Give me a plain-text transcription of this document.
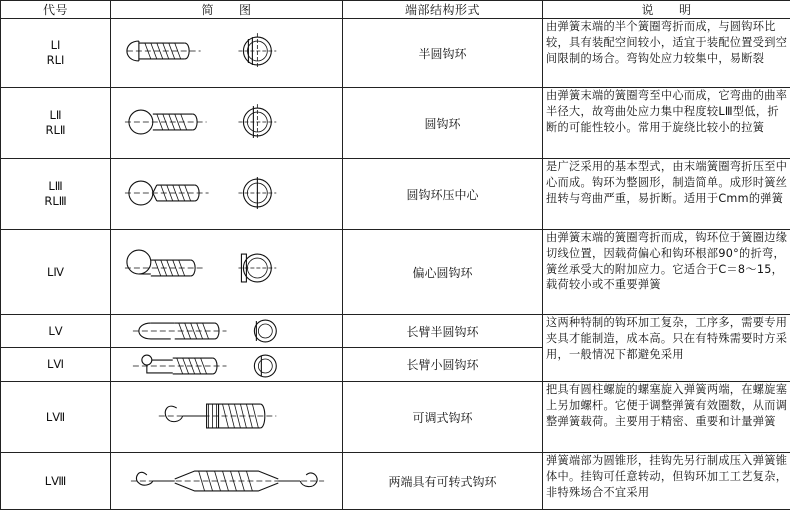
代号	简　　图	端部结构形式	说　　明
LⅠ
RLⅠ		半圆钩环	由弹簧末端的半个簧圈弯折而成，与圆钩环比较，具有装配空间较小，适宜于装配位置受到空间限制的场合。弯钩处应力较集中，易断裂
LⅡ
RLⅡ		圆钩环	由弹簧末端的簧圈弯至中心而成，它弯曲的曲率半径大，故弯曲处应力集中程度较LⅢ型低，折断的可能性较小。常用于旋绕比较小的拉簧
LⅢ
RLⅢ		圆钩环压中心	是广泛采用的基本型式，由末端簧圈弯折压至中心而成。钩环为整圆形，制造简单。成形时簧丝扭转与弯曲严重，易折断。适用于Cmm的弹簧
LⅣ		偏心圆钩环	由弹簧末端的簧圈弯折而成，钩环位于簧圈边缘切线位置，因载荷偏心和钩环根部90°的折弯，簧丝承受大的附加应力。它适合于C＝8～15，载荷较小或不重要弹簧
LⅤ		长臂半圆钩环	这两种特制的钩环加工复杂，工序多，需要专用夹具才能制造，成本高。只在有特殊需要时方采用，一般情况下都避免采用
LⅥ		长臂小圆钩环	
LⅦ		可调式钩环	把具有圆柱螺旋的螺塞旋入弹簧两端，在螺旋塞上另加螺杆。它便于调整弹簧有效圈数，从而调整弹簧载荷。主要用于精密、重要和计量弹簧
LⅧ		两端具有可转式钩环	弹簧端部为圆锥形，挂钩先另行制成压入弹簧锥体中。挂钩可任意转动，但钩环加工工艺复杂，非特殊场合不宜采用
